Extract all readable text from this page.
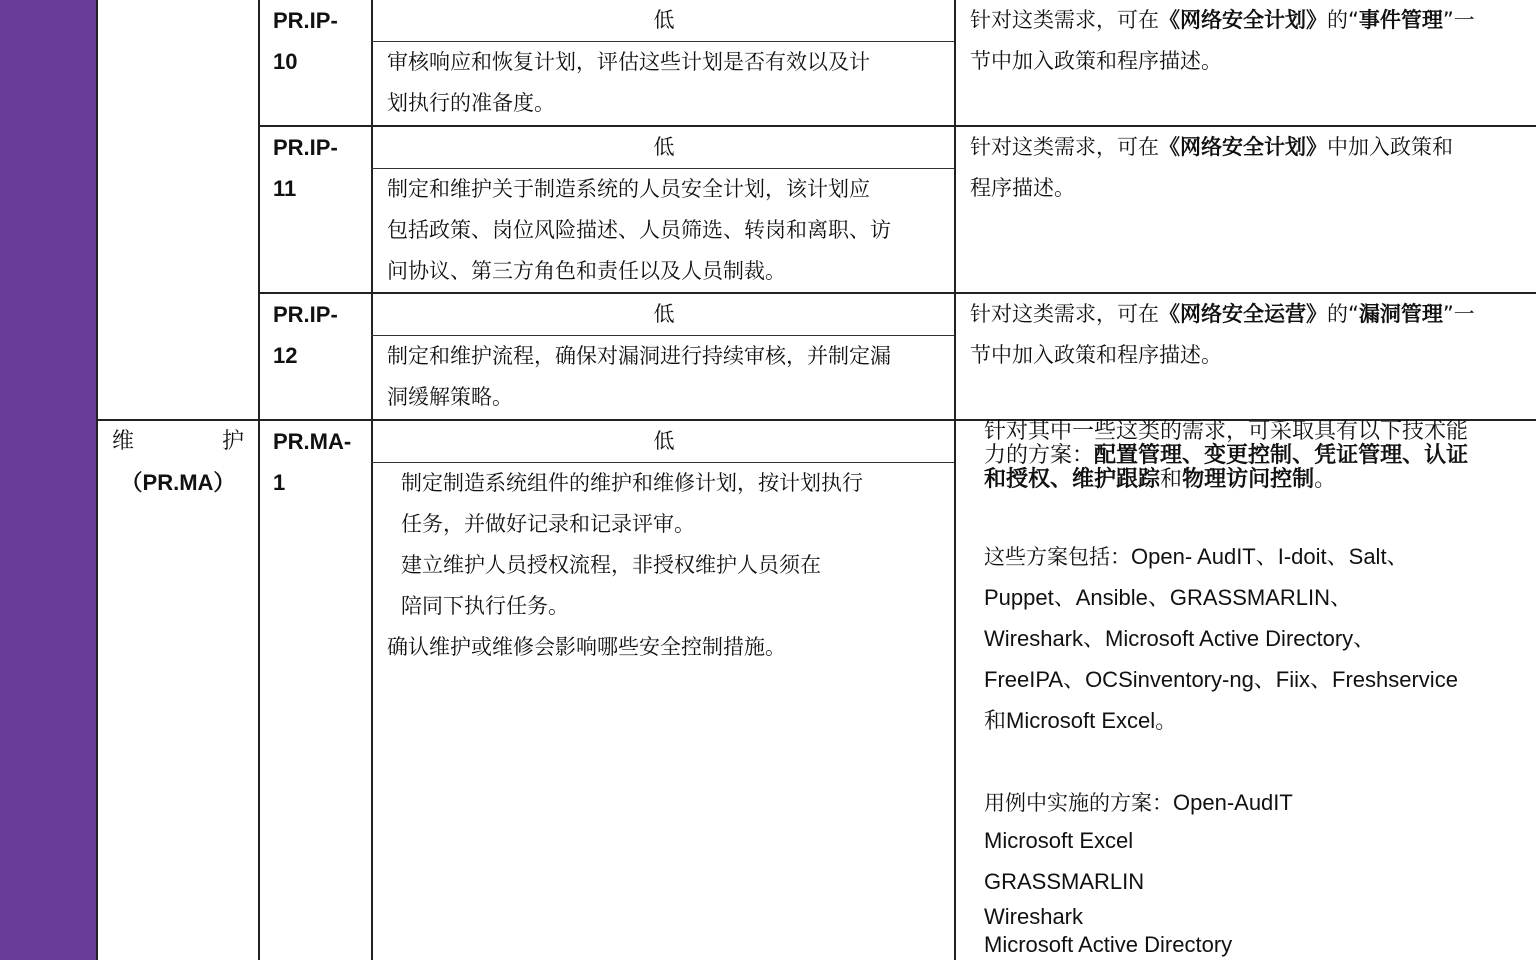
PR.IP-
10
低
审核响应和恢复计划，评估这些计划是否有效以及计
划执行的准备度。
针对这类需求，可在《网络安全计划》的“事件管理”一
节中加入政策和程序描述。
PR.IP-
11
低
制定和维护关于制造系统的人员安全计划，该计划应
包括政策、岗位风险描述、人员筛选、转岗和离职、访
问协议、第三方角色和责任以及人员制裁。
针对这类需求，可在《网络安全计划》中加入政策和
程序描述。
PR.IP-
12
低
制定和维护流程，确保对漏洞进行持续审核，并制定漏
洞缓解策略。
针对这类需求，可在《网络安全运营》的“漏洞管理”一
节中加入政策和程序描述。
维	护
（PR.MA）
PR.MA-
1
低
制定制造系统组件的维护和维修计划，按计划执行
任务，并做好记录和记录评审。
建立维护人员授权流程，非授权维护人员须在
陪同下执行任务。
确认维护或维修会影响哪些安全控制措施。
针对其中一些这类的需求，可采取具有以下技术能
力的方案：配置管理、变更控制、凭证管理、认证
和授权、维护跟踪和物理访问控制。
这些方案包括：Open- AudIT、I-doit、Salt、
Puppet、Ansible、GRASSMARLIN、
Wireshark、Microsoft Active Directory、
FreeIPA、OCSinventory-ng、Fiix、Freshservice
和Microsoft Excel。
用例中实施的方案：Open-AudIT
Microsoft Excel
GRASSMARLIN
Wireshark
Microsoft Active Directory
